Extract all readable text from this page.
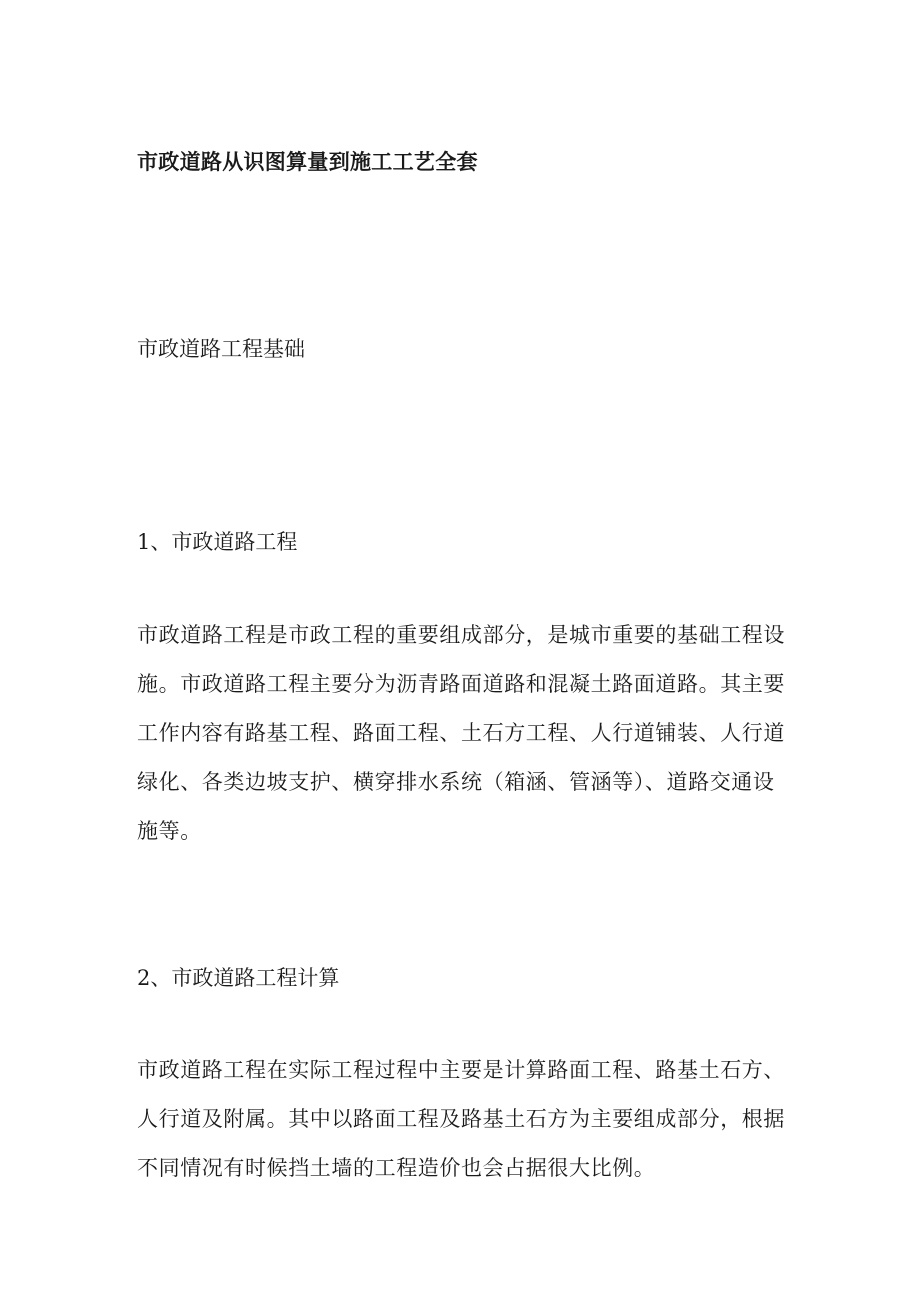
市政道路从识图算量到施工工艺全套
市政道路工程基础
1、市政道路工程

市政道路工程是市政工程的重要组成部分，是城市重要的基础工程设
施。市政道路工程主要分为沥青路面道路和混凝土路面道路。其主要
工作内容有路基工程、路面工程、土石方工程、人行道铺装、人行道
绿化、各类边坡支护、横穿排水系统（箱涵、管涵等）、道路交通设
施等。

2、市政道路工程计算

市政道路工程在实际工程过程中主要是计算路面工程、路基土石方、
人行道及附属。其中以路面工程及路基土石方为主要组成部分，根据
不同情况有时候挡土墙的工程造价也会占据很大比例。
